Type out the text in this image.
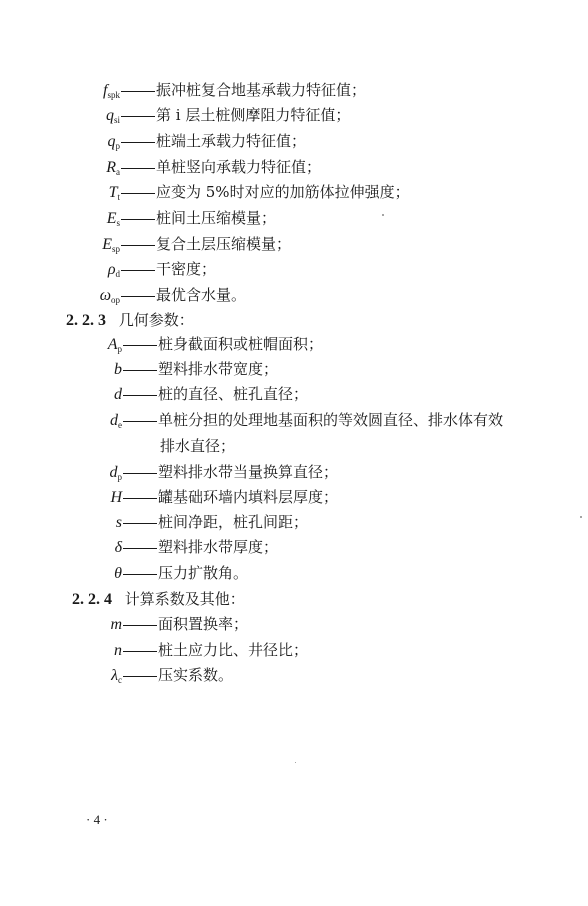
$f_{spk}$ 振冲桩复合地基承载力特征值；
$q_{si}$ 第 i 层土桩侧摩阻力特征值；
$q_p$ 桩端土承载力特征值；
$R_a$ 单桩竖向承载力特征值；
$T_t$ 应变为 5%时对应的加筋体拉伸强度；
$E_s$ 桩间土压缩模量；
$E_{sp}$ 复合土层压缩模量；
$\rho_d$ 干密度；
$\omega_{op}$ 最优含水量。
2. 2. 3 几何参数：
$A_p$ 桩身截面积或桩帽面积；
b 塑料排水带宽度；
d 桩的直径、桩孔直径；
$d_e$ 单桩分担的处理地基面积的等效圆直径、排水体有效
排水直径；
$d_p$ 塑料排水带当量换算直径；
H 罐基础环墙内填料层厚度；
s 桩间净距，桩孔间距；
δ 塑料排水带厚度；
θ 压力扩散角。
2. 2. 4 计算系数及其他：
m 面积置换率；
n 桩土应力比、井径比；
$\lambda_c$ 压实系数。
· 4 ·
